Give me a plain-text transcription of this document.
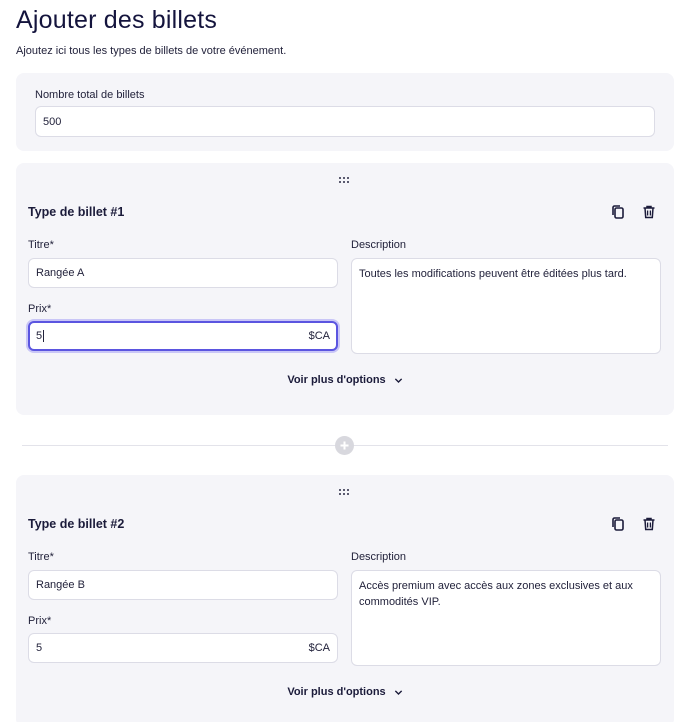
Ajouter des billets

Ajoutez ici tous les types de billets de votre événement.

Nombre total de billets
500
Type de billet #1
Titre*
Rangée A
Prix*
5	$CA
Description
Toutes les modifications peuvent être éditées plus tard.
Voir plus d'options
Type de billet #2
Titre*
Rangée B
Prix*
5	$CA
Description
Accès premium avec accès aux zones exclusives et aux commodités VIP.
Voir plus d'options
